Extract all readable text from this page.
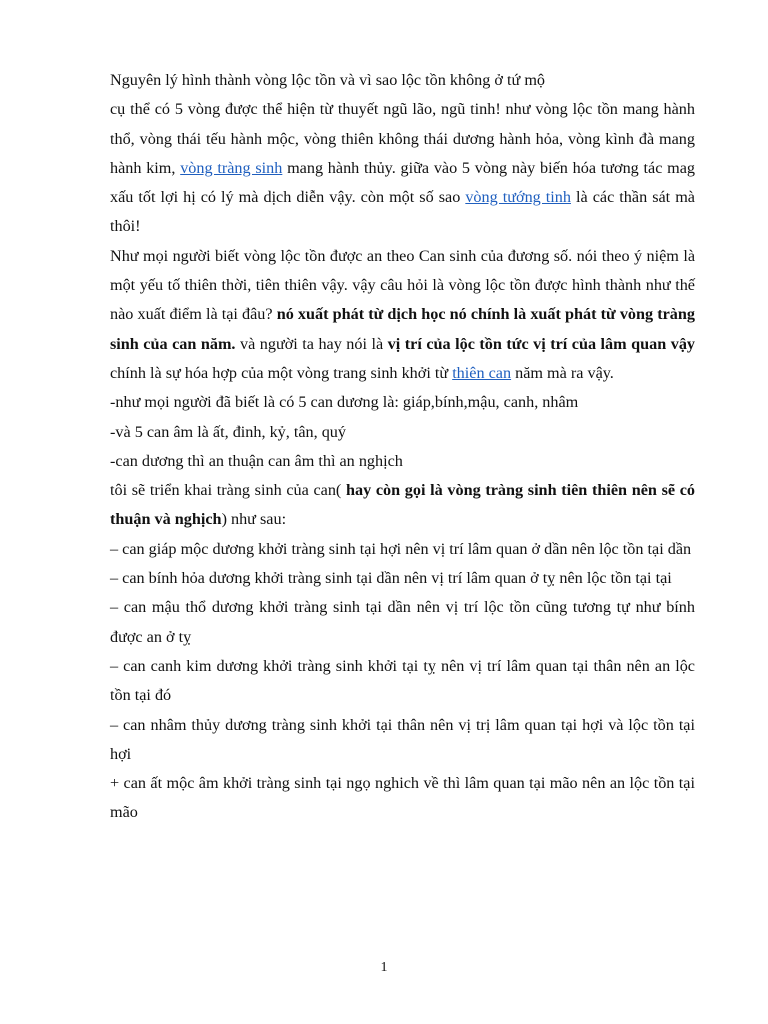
Nguyên lý hình thành vòng lộc tồn và vì sao lộc tồn không ở tứ mộ

cụ thể có 5 vòng được thể hiện từ thuyết ngũ lão, ngũ tinh! như vòng lộc tồn mang hành thổ, vòng thái tếu hành mộc, vòng thiên không thái dương hành hỏa, vòng kình đà mang hành kim, vòng tràng sinh mang hành thủy. giữa vào 5 vòng này biến hóa tương tác mag xấu tốt lợi hị có lý mà dịch diễn vậy. còn một số sao vòng tướng tinh là các thần sát mà thôi!

Như mọi người biết vòng lộc tồn được an theo Can sinh của đương số. nói theo ý niệm là một yếu tố thiên thời, tiên thiên vậy. vậy câu hỏi là vòng lộc tồn được hình thành như thế nào xuất điểm là tại đâu? nó xuất phát từ dịch học nó chính là xuất phát từ vòng tràng sinh của can năm. và người ta hay nói là vị trí của lộc tồn tức vị trí của lâm quan vậy chính là sự hóa hợp của một vòng trang sinh khởi từ thiên can năm mà ra vậy.

-như mọi người đã biết là có 5 can dương là: giáp,bính,mậu, canh, nhâm

-và 5 can âm là ất, đinh, kỷ, tân, quý

-can dương thì an thuận can âm thì an nghịch

tôi sẽ triển khai tràng sinh của can( hay còn gọi là vòng tràng sinh tiên thiên nên sẽ có thuận và nghịch) như sau:

– can giáp mộc dương khởi tràng sinh tại hợi nên vị trí lâm quan ở dần nên lộc tồn tại dần

– can bính hỏa dương khởi tràng sinh tại dần nên vị trí lâm quan ở tỵ nên lộc tồn tại tại

– can mậu thổ dương khởi tràng sinh tại dần nên vị trí lộc tồn cũng tương tự như bính được an ở tỵ

– can canh kim dương khởi tràng sinh khởi tại tỵ nên vị trí lâm quan tại thân nên an lộc tồn tại đó

– can nhâm thủy dương tràng sinh khởi tại thân nên vị trị lâm quan tại hợi và lộc tồn tại hợi

+ can ất mộc âm khởi tràng sinh tại ngọ nghich về thì lâm quan tại mão nên an lộc tồn tại mão

1
